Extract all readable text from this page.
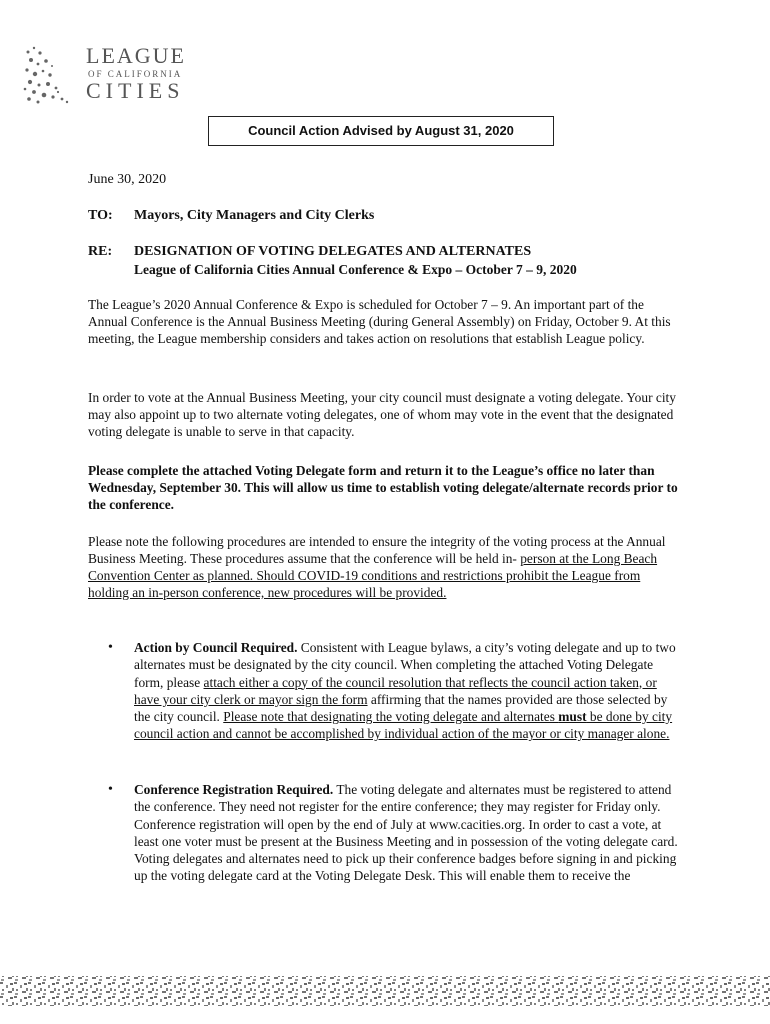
LEAGUE
OF CALIFORNIA
CITIES
Council Action Advised by August 31, 2020
June 30, 2020
TO: Mayors, City Managers and City Clerks
RE: DESIGNATION OF VOTING DELEGATES AND ALTERNATES
League of California Cities Annual Conference & Expo – October 7 – 9, 2020

The League’s 2020 Annual Conference & Expo is scheduled for October 7 – 9. An important part of the Annual Conference is the Annual Business Meeting (during General Assembly) on Friday, October 9. At this meeting, the League membership considers and takes action on resolutions that establish League policy.

In order to vote at the Annual Business Meeting, your city council must designate a voting delegate. Your city may also appoint up to two alternate voting delegates, one of whom may vote in the event that the designated voting delegate is unable to serve in that capacity.

Please complete the attached Voting Delegate form and return it to the League’s office no later than Wednesday, September 30. This will allow us time to establish voting delegate/alternate records prior to the conference.

Please note the following procedures are intended to ensure the integrity of the voting process at the Annual Business Meeting. These procedures assume that the conference will be held in- person at the Long Beach Convention Center as planned. Should COVID-19 conditions and restrictions prohibit the League from holding an in-person conference, new procedures will be provided.

• Action by Council Required. Consistent with League bylaws, a city’s voting delegate and up to two alternates must be designated by the city council. When completing the attached Voting Delegate form, please attach either a copy of the council resolution that reflects the council action taken, or have your city clerk or mayor sign the form affirming that the names provided are those selected by the city council. Please note that designating the voting delegate and alternates must be done by city council action and cannot be accomplished by individual action of the mayor or city manager alone.
• Conference Registration Required. The voting delegate and alternates must be registered to attend the conference. They need not register for the entire conference; they may register for Friday only. Conference registration will open by the end of July at www.cacities.org. In order to cast a vote, at least one voter must be present at the Business Meeting and in possession of the voting delegate card. Voting delegates and alternates need to pick up their conference badges before signing in and picking up the voting delegate card at the Voting Delegate Desk. This will enable them to receive the
